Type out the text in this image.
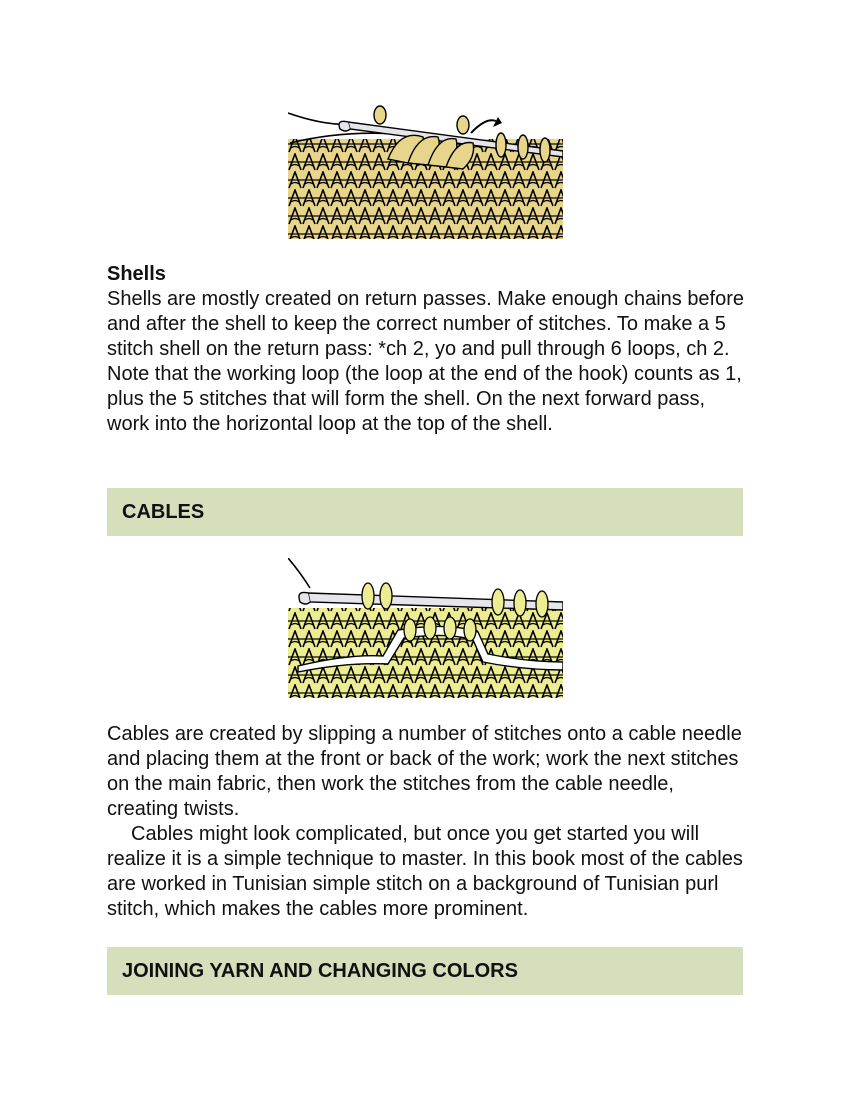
Shells

Shells are mostly created on return passes. Make enough chains before and after the shell to keep the correct number of stitches. To make a 5 stitch shell on the return pass: *ch 2, yo and pull through 6 loops, ch 2. Note that the working loop (the loop at the end of the hook) counts as 1, plus the 5 stitches that will form the shell. On the next forward pass, work into the horizontal loop at the top of the shell.

CABLES

Cables are created by slipping a number of stitches onto a cable needle and placing them at the front or back of the work; work the next stitches on the main fabric, then work the stitches from the cable needle, creating twists.

Cables might look complicated, but once you get started you will realize it is a simple technique to master. In this book most of the cables are worked in Tunisian simple stitch on a background of Tunisian purl stitch, which makes the cables more prominent.

JOINING YARN AND CHANGING COLORS
